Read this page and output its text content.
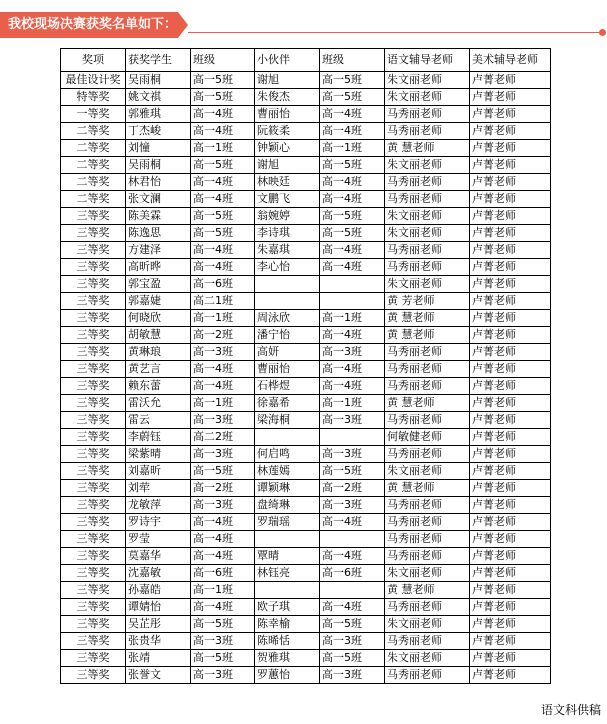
我校现场决赛获奖名单如下：
奖项	获奖学生	班级	小伙伴	班级	语文辅导老师	美术辅导老师
最佳设计奖	吴雨桐	高一5班	谢旭	高一5班	朱文丽老师	卢菁老师
特等奖	姚文祺	高一5班	朱俊杰	高一5班	朱文丽老师	卢菁老师
一等奖	郭雅琪	高一4班	曹丽怡	高一4班	马秀丽老师	卢菁老师
二等奖	丁杰峻	高一4班	阮筱柔	高一4班	马秀丽老师	卢菁老师
二等奖	刘憧	高一1班	钟颖心	高一1班	黄 慧老师	卢菁老师
二等奖	吴雨桐	高一5班	谢旭	高一5班	朱文丽老师	卢菁老师
二等奖	林君怡	高一4班	林映廷	高一4班	马秀丽老师	卢菁老师
二等奖	张文澜	高一4班	文鹏飞	高一4班	马秀丽老师	卢菁老师
三等奖	陈美霖	高一5班	翁婉婷	高一5班	朱文丽老师	卢菁老师
三等奖	陈逸思	高一5班	李诗琪	高一5班	朱文丽老师	卢菁老师
三等奖	方建泽	高一4班	朱嘉琪	高一4班	马秀丽老师	卢菁老师
三等奖	高昕晔	高一4班	李心怡	高一4班	马秀丽老师	卢菁老师
三等奖	郭宝盈	高一6班			朱文丽老师	卢菁老师
三等奖	郭嘉婕	高二1班			黄 芳老师	卢菁老师
三等奖	何晓欣	高一1班	周泳欣	高一1班	黄 慧老师	卢菁老师
三等奖	胡敏慧	高一2班	潘宁怡	高一4班	黄 慧老师	卢菁老师
三等奖	黄琳琅	高一3班	高妍	高一3班	马秀丽老师	卢菁老师
三等奖	黄艺言	高一4班	曹丽怡	高一4班	马秀丽老师	卢菁老师
三等奖	赖东蕾	高一4班	石桦煜	高一4班	马秀丽老师	卢菁老师
三等奖	雷沃允	高一1班	徐嘉希	高一1班	黄 慧老师	卢菁老师
三等奖	雷云	高一3班	梁海桐	高一3班	马秀丽老师	卢菁老师
三等奖	李蔚钰	高二2班			何敏健老师	卢菁老师
三等奖	梁紫晴	高一3班	何启鸣	高一3班	马秀丽老师	卢菁老师
三等奖	刘嘉昕	高一5班	林莲嫣	高一5班	朱文丽老师	卢菁老师
三等奖	刘荦	高一2班	谭颖琳	高一2班	黄 慧老师	卢菁老师
三等奖	龙敏萍	高一3班	盘绮琳	高一3班	马秀丽老师	卢菁老师
三等奖	罗诗宇	高一4班	罗瑞瑶	高一4班	马秀丽老师	卢菁老师
三等奖	罗莹	高一4班			马秀丽老师	卢菁老师
三等奖	莫嘉华	高一4班	覃晴	高一4班	马秀丽老师	卢菁老师
三等奖	沈嘉敏	高一6班	林钰亮	高一6班	朱文丽老师	卢菁老师
三等奖	孙嘉皓	高一1班			黄 慧老师	卢菁老师
三等奖	谭婧怡	高一4班	欧子琪	高一4班	马秀丽老师	卢菁老师
三等奖	吴芷彤	高一5班	陈幸榆	高一5班	朱文丽老师	卢菁老师
三等奖	张贵华	高一3班	陈晞恬	高一3班	马秀丽老师	卢菁老师
三等奖	张靖	高一5班	贺雅琪	高一5班	朱文丽老师	卢菁老师
三等奖	张誉文	高一3班	罗蕙怡	高一3班	马秀丽老师	卢菁老师
语文科供稿
